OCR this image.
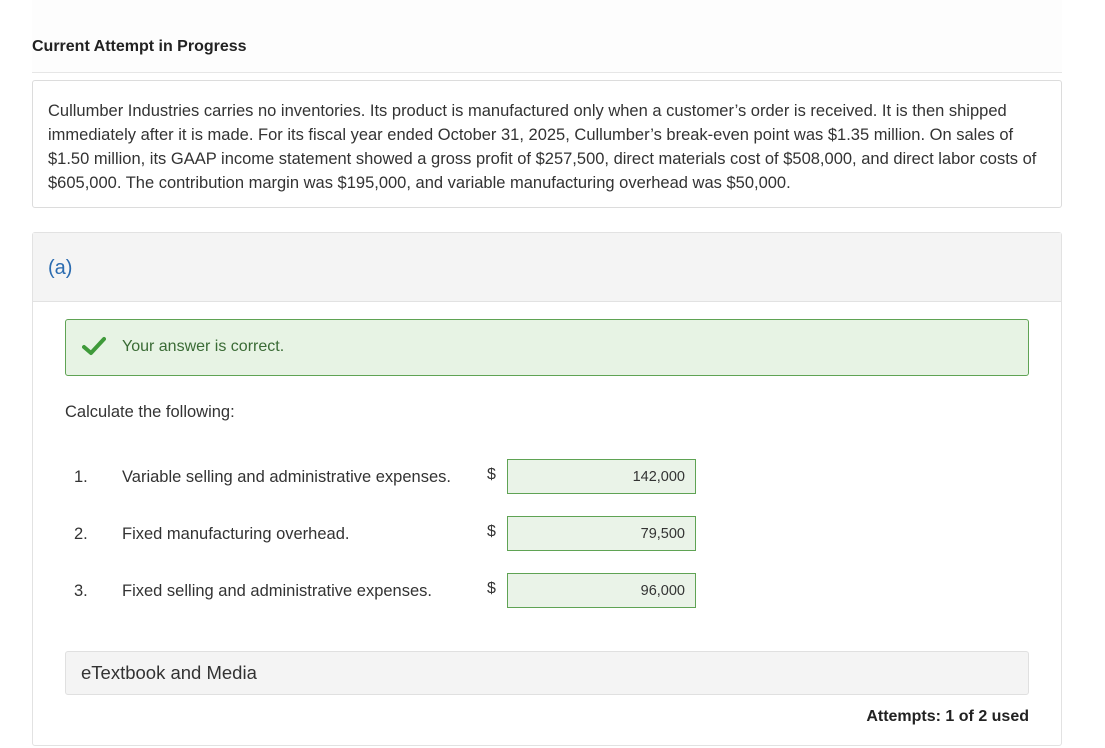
Current Attempt in Progress
Cullumber Industries carries no inventories. Its product is manufactured only when a customer’s order is received. It is then shipped immediately after it is made. For its fiscal year ended October 31, 2025, Cullumber’s break-even point was $1.35 million. On sales of $1.50 million, its GAAP income statement showed a gross profit of $257,500, direct materials cost of $508,000, and direct labor costs of $605,000. The contribution margin was $195,000, and variable manufacturing overhead was $50,000.
(a)
Your answer is correct.
Calculate the following:
1. Variable selling and administrative expenses. $
142,000
2. Fixed manufacturing overhead.	$
79,500
3. Fixed selling and administrative expenses.	$
96,000
eTextbook and Media
Attempts: 1 of 2 used
